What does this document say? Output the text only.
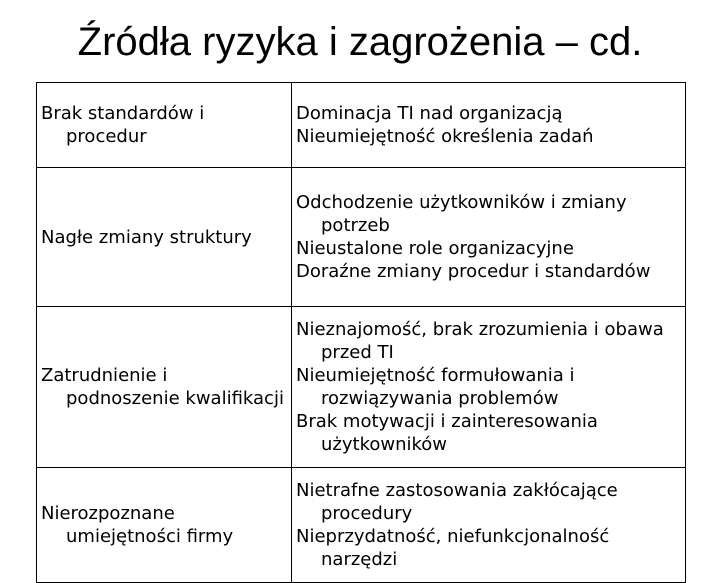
Źródła ryzyka i zagrożenia – cd.
Brak standardów i procedur	Dominacja TI nad organizacją
Nieumiejętność określenia zadań

Nagłe zmiany struktury	Odchodzenie użytkowników i zmiany potrzeb
Nieustalone role organizacyjne
Doraźne zmiany procedur i standardów

Zatrudnienie i podnoszenie kwalifikacji	Nieznajomość, brak zrozumienia i obawa przed TI
Nieumiejętność formułowania i rozwiązywania problemów
Brak motywacji i zainteresowania użytkowników

Nierozpoznane umiejętności firmy	Nietrafne zastosowania zakłócające procedury
Nieprzydatność, niefunkcjonalność narzędzi
